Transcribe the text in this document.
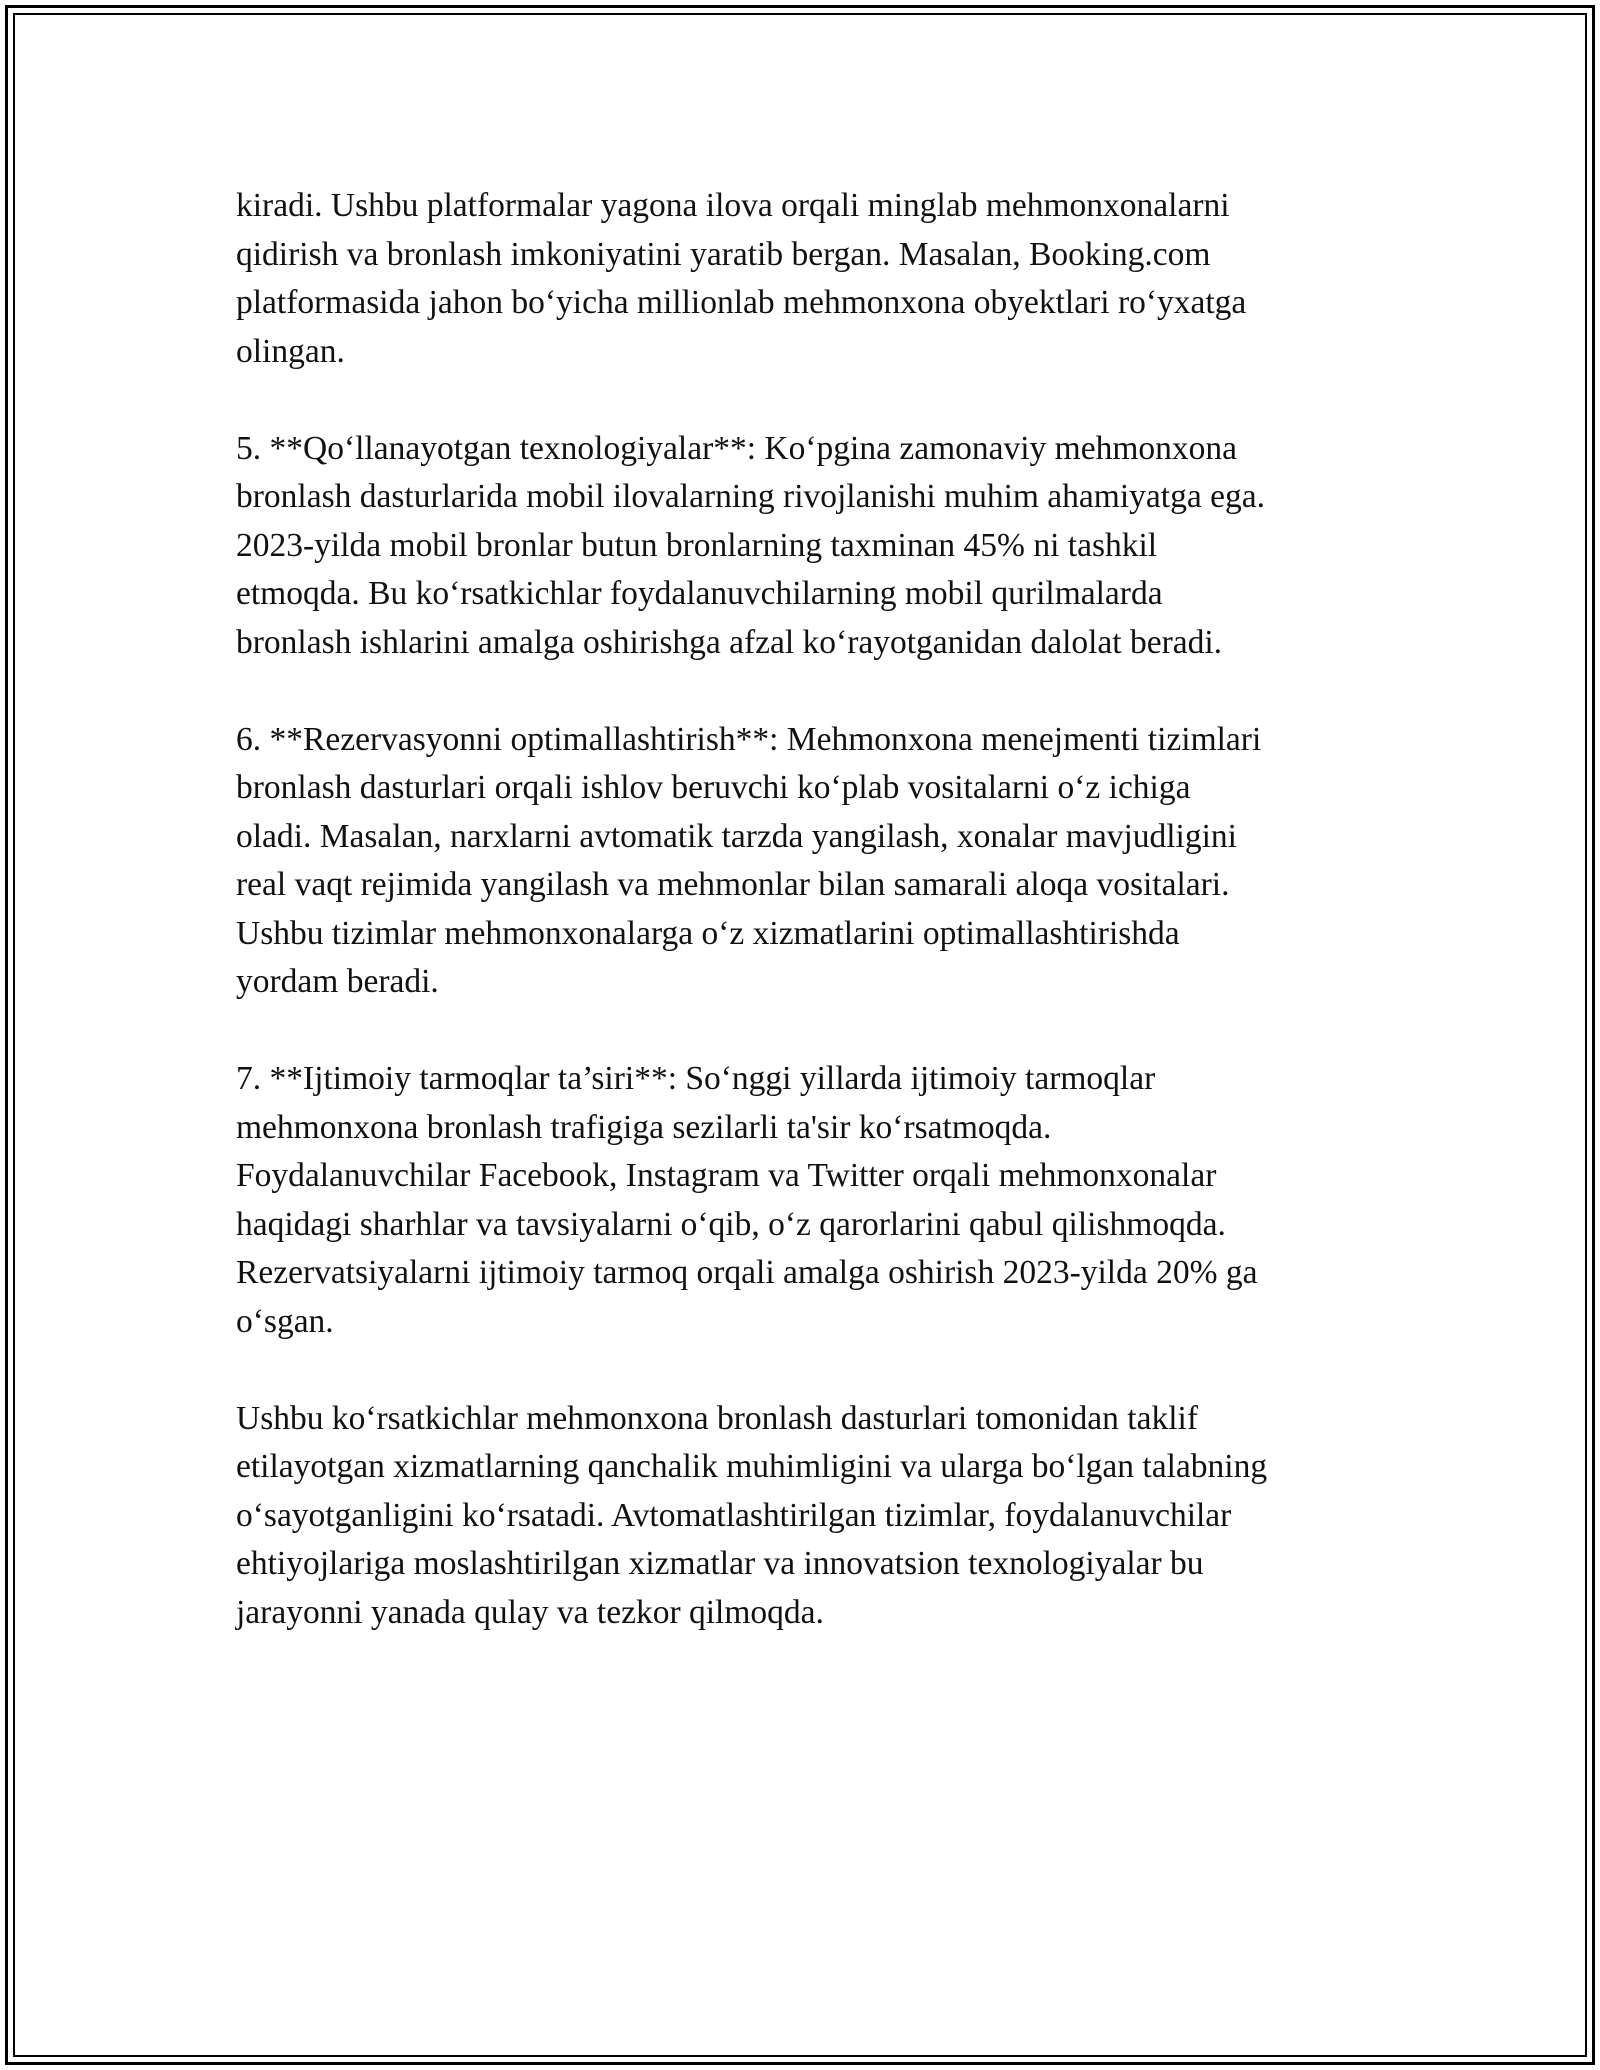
kiradi. Ushbu platformalar yagona ilova orqali minglab mehmonxonalarni
qidirish va bronlash imkoniyatini yaratib bergan. Masalan, Booking.com
platformasida jahon bo‘yicha millionlab mehmonxona obyektlari ro‘yxatga
olingan.

5. **Qo‘llanayotgan texnologiyalar**: Ko‘pgina zamonaviy mehmonxona
bronlash dasturlarida mobil ilovalarning rivojlanishi muhim ahamiyatga ega.
2023-yilda mobil bronlar butun bronlarning taxminan 45% ni tashkil
etmoqda. Bu ko‘rsatkichlar foydalanuvchilarning mobil qurilmalarda
bronlash ishlarini amalga oshirishga afzal ko‘rayotganidan dalolat beradi.

6. **Rezervasyonni optimallashtirish**: Mehmonxona menejmenti tizimlari
bronlash dasturlari orqali ishlov beruvchi ko‘plab vositalarni o‘z ichiga
oladi. Masalan, narxlarni avtomatik tarzda yangilash, xonalar mavjudligini
real vaqt rejimida yangilash va mehmonlar bilan samarali aloqa vositalari.
Ushbu tizimlar mehmonxonalarga o‘z xizmatlarini optimallashtirishda
yordam beradi.

7. **Ijtimoiy tarmoqlar ta’siri**: So‘nggi yillarda ijtimoiy tarmoqlar
mehmonxona bronlash trafigiga sezilarli ta'sir ko‘rsatmoqda.
Foydalanuvchilar Facebook, Instagram va Twitter orqali mehmonxonalar
haqidagi sharhlar va tavsiyalarni o‘qib, o‘z qarorlarini qabul qilishmoqda.
Rezervatsiyalarni ijtimoiy tarmoq orqali amalga oshirish 2023-yilda 20% ga
o‘sgan.

Ushbu ko‘rsatkichlar mehmonxona bronlash dasturlari tomonidan taklif
etilayotgan xizmatlarning qanchalik muhimligini va ularga bo‘lgan talabning
o‘sayotganligini ko‘rsatadi. Avtomatlashtirilgan tizimlar, foydalanuvchilar
ehtiyojlariga moslashtirilgan xizmatlar va innovatsion texnologiyalar bu
jarayonni yanada qulay va tezkor qilmoqda.
